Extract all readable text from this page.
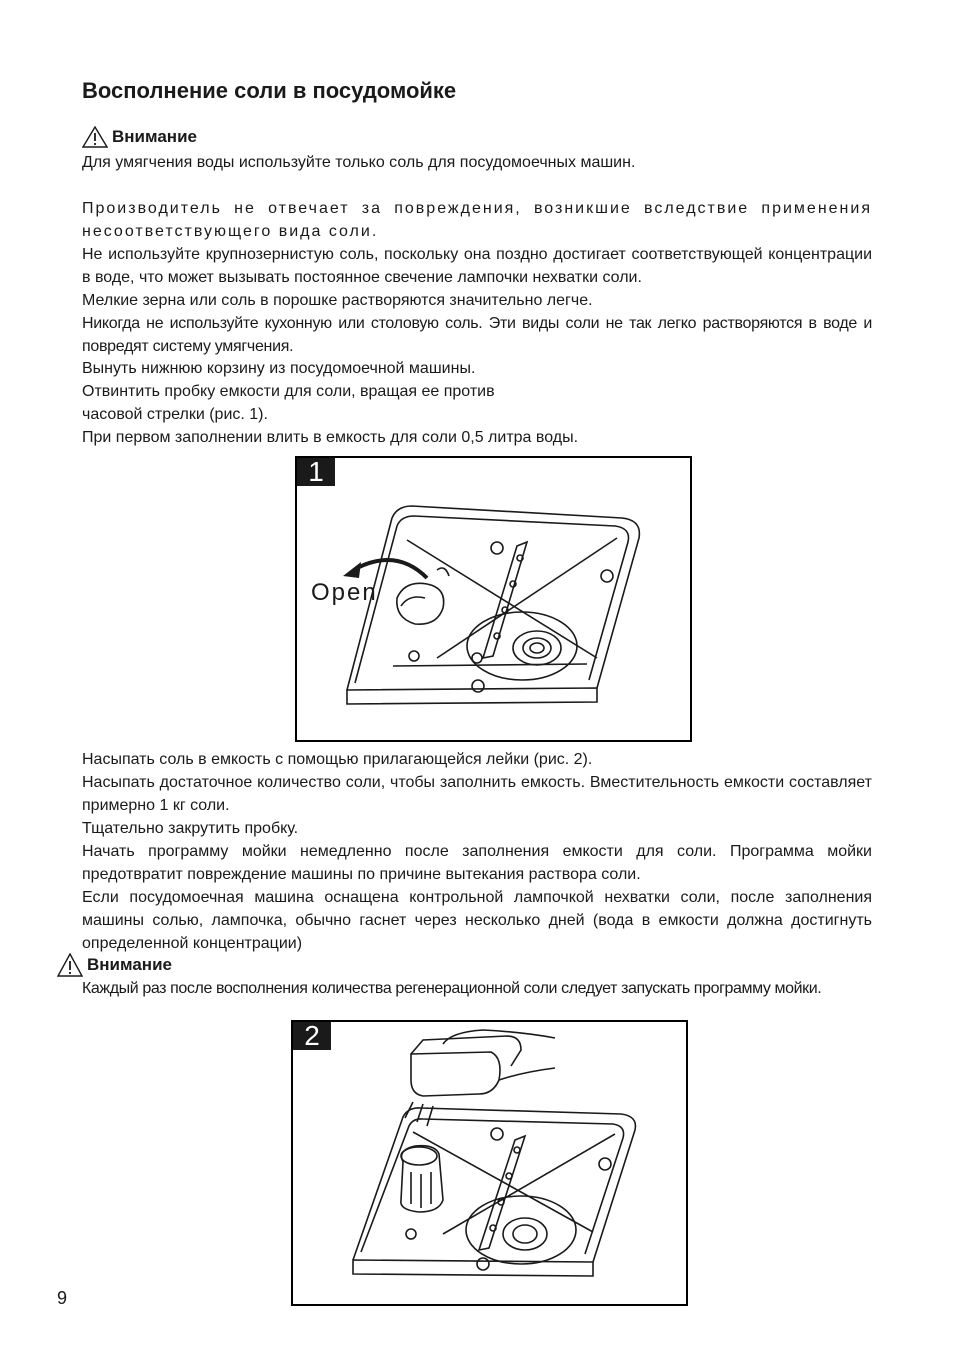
Восполнение соли в посудомойке
Внимание

Для умягчения воды используйте только соль для посудомоечных машин.

Производитель не отвечает за повреждения, возникшие вследствие применения несоответствующего вида соли.

Не используйте крупнозернистую соль, поскольку она поздно достигает соответствующей концентрации в воде, что может вызывать постоянное свечение лампочки нехватки соли.

Мелкие зерна или соль в порошке растворяются значительно легче.

Никогда не используйте кухонную или столовую соль. Эти виды соли не так легко растворяются в воде и повредят систему умягчения.

Вынуть нижнюю корзину из посудомоечной машины.

Отвинтить пробку емкости для соли, вращая ее против

часовой стрелки (рис. 1).

При первом заполнении влить в емкость для соли 0,5 литра воды.

1
Open

Насыпать соль в емкость с помощью прилагающейся лейки (рис. 2).

Насыпать достаточное количество соли, чтобы заполнить емкость. Вместительность емкости составляет примерно 1 кг соли.

Тщательно закрутить пробку.

Начать программу мойки немедленно после заполнения емкости для соли. Программа мойки предотвратит повреждение машины по причине вытекания раствора соли.

Если посудомоечная машина оснащена контрольной лампочкой нехватки соли, после заполнения машины солью, лампочка, обычно гаснет через несколько дней (вода в емкости должна достигнуть определенной концентрации)

Внимание

Каждый раз после восполнения количества регенерационной соли следует запускать программу мойки.

2
9
